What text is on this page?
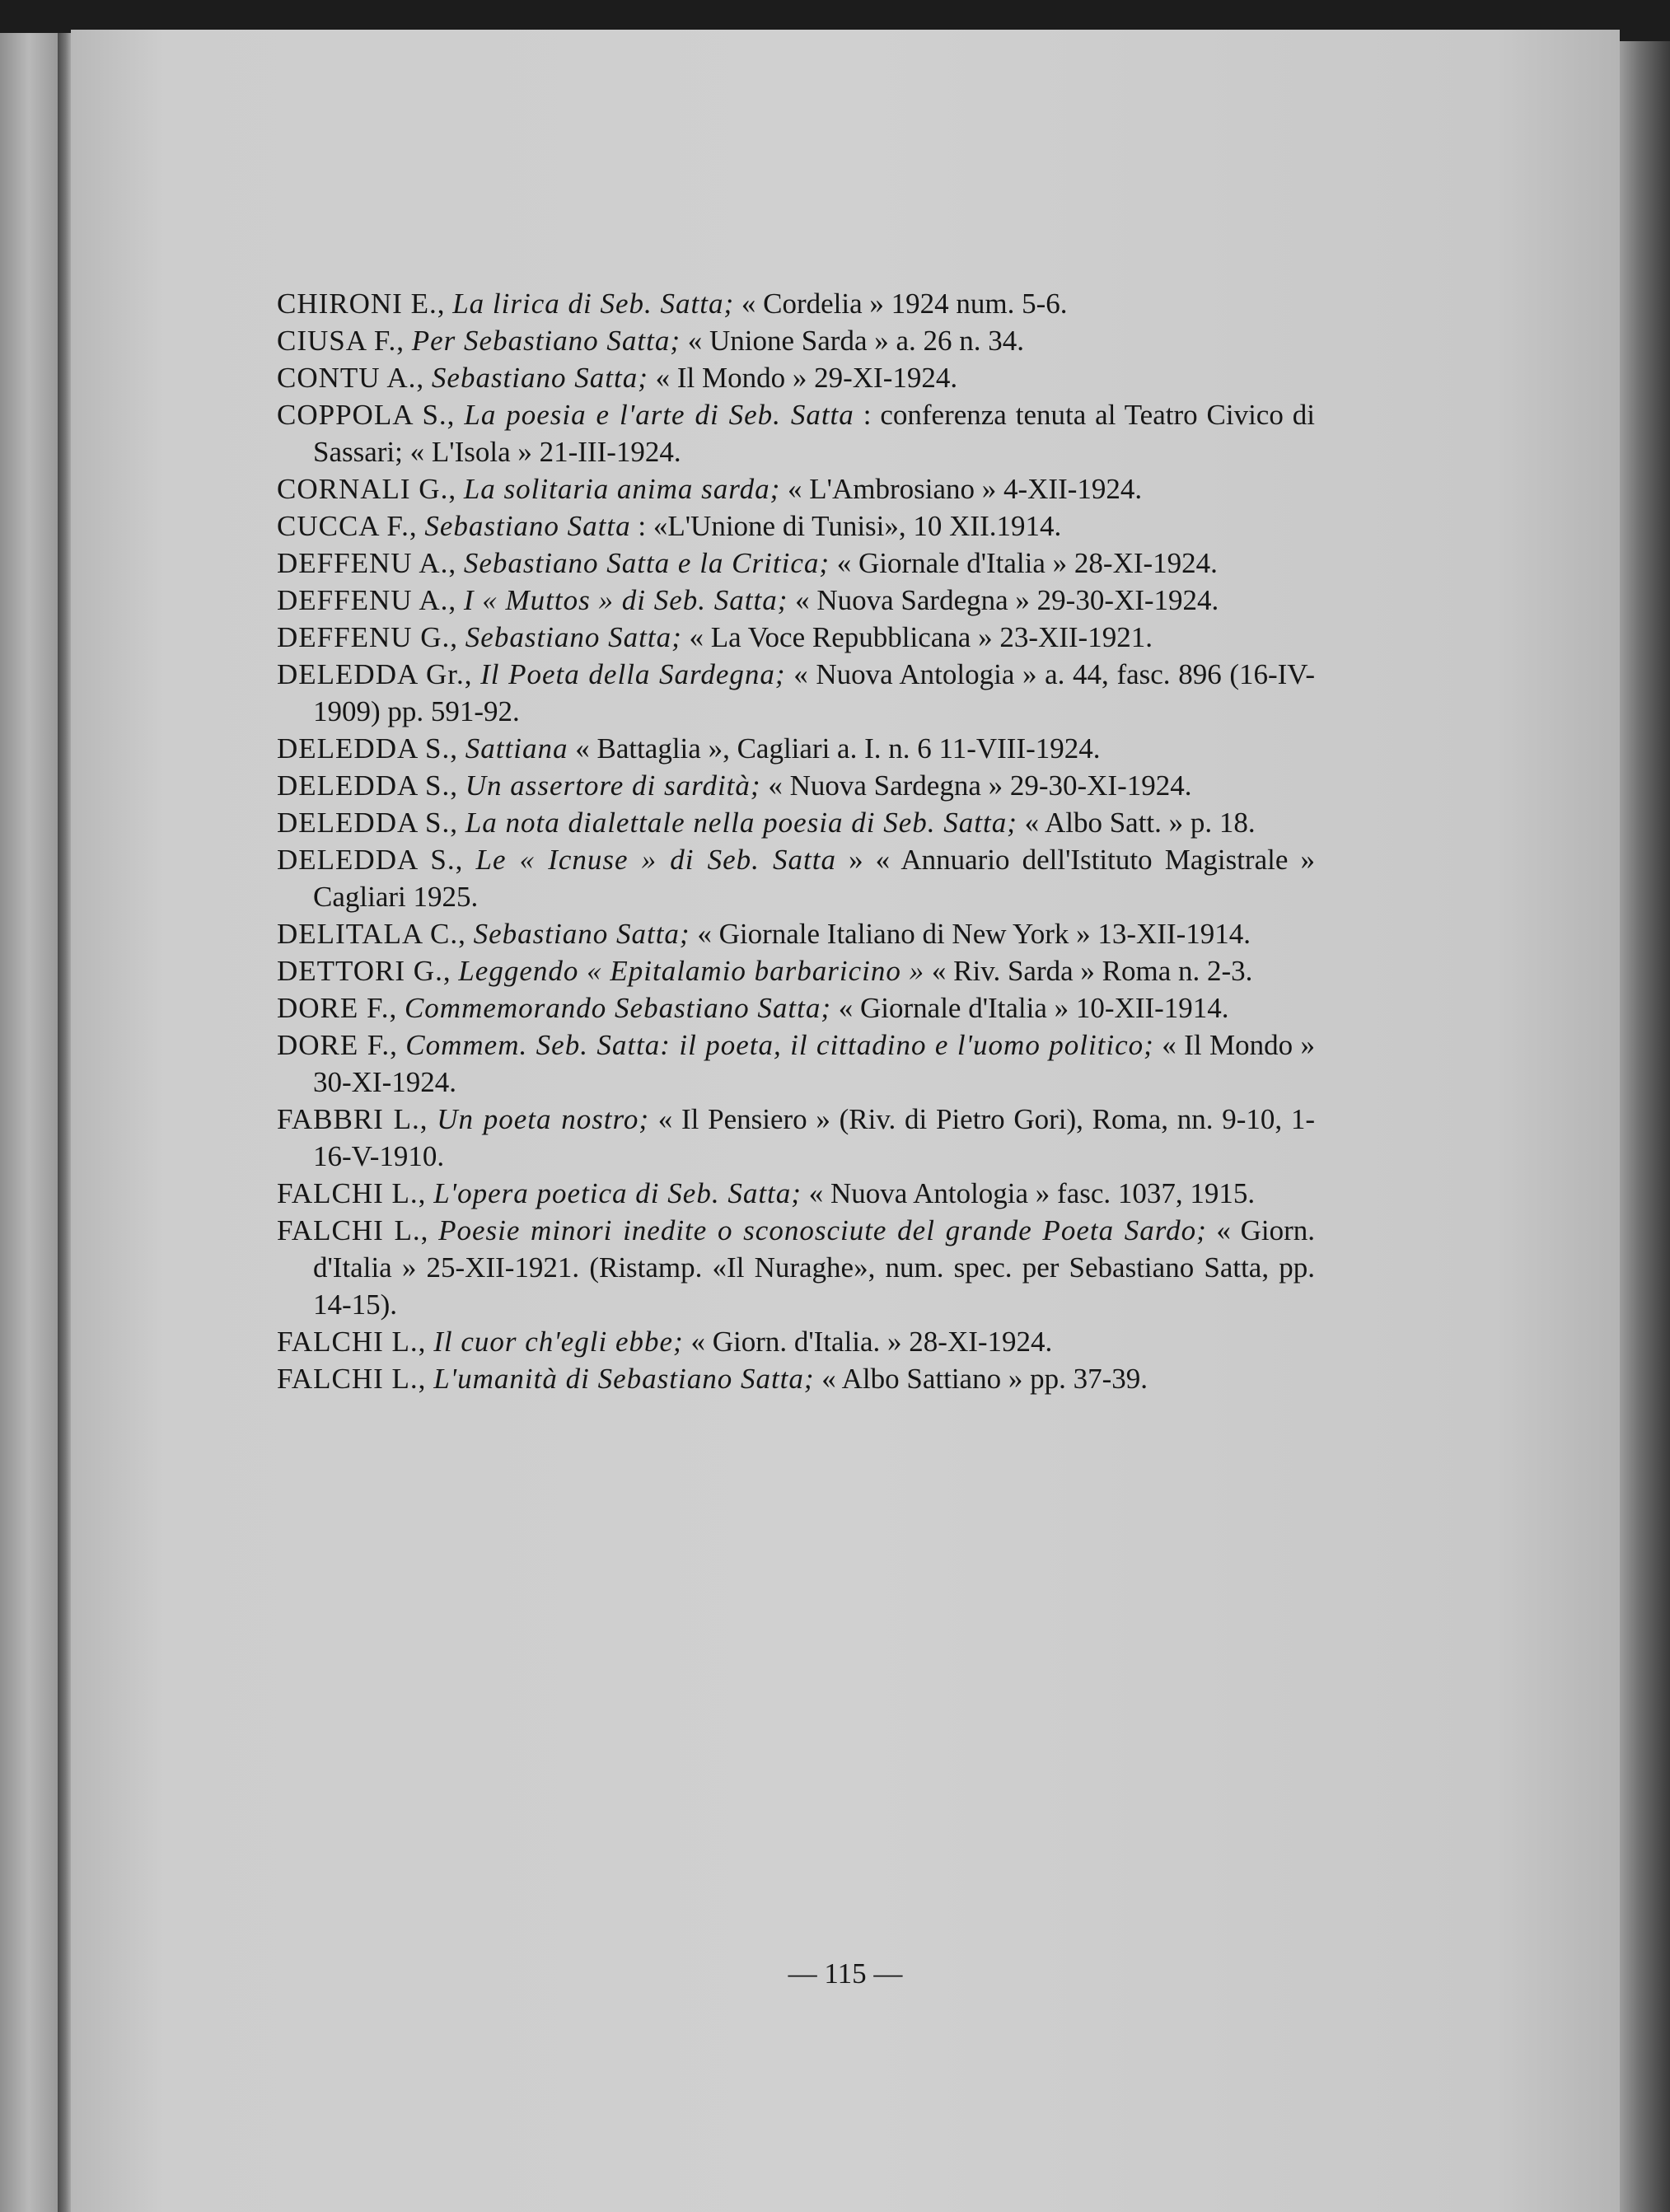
CHIRONI E., La lirica di Seb. Satta; « Cordelia » 1924 num. 5-6.
CIUSA F., Per Sebastiano Satta; « Unione Sarda » a. 26 n. 34.
CONTU A., Sebastiano Satta; « Il Mondo » 29-XI-1924.
COPPOLA S., La poesia e l'arte di Seb. Satta : conferenza tenuta al Teatro Civico di Sassari; « L'Isola » 21-III-1924.
CORNALI G., La solitaria anima sarda; « L'Ambrosiano » 4-XII-1924.
CUCCA F., Sebastiano Satta : «L'Unione di Tunisi», 10 XII.1914.
DEFFENU A., Sebastiano Satta e la Critica; « Giornale d'Italia » 28-XI-1924.
DEFFENU A., I « Muttos » di Seb. Satta; « Nuova Sardegna » 29-30-XI-1924.
DEFFENU G., Sebastiano Satta; « La Voce Repubblicana » 23-XII-1921.
DELEDDA Gr., Il Poeta della Sardegna; « Nuova Antologia » a. 44, fasc. 896 (16-IV-1909) pp. 591-92.
DELEDDA S., Sattiana « Battaglia », Cagliari a. I. n. 6 11-VIII-1924.
DELEDDA S., Un assertore di sardità; « Nuova Sardegna » 29-30-XI-1924.
DELEDDA S., La nota dialettale nella poesia di Seb. Satta; « Albo Satt. » p. 18.
DELEDDA S., Le « Icnuse » di Seb. Satta » « Annuario dell'Istituto Magistrale » Cagliari 1925.
DELITALA C., Sebastiano Satta; « Giornale Italiano di New York » 13-XII-1914.
DETTORI G., Leggendo « Epitalamio barbaricino » « Riv. Sarda » Roma n. 2-3.
DORE F., Commemorando Sebastiano Satta; « Giornale d'Italia » 10-XII-1914.
DORE F., Commem. Seb. Satta: il poeta, il cittadino e l'uomo politico; « Il Mondo » 30-XI-1924.
FABBRI L., Un poeta nostro; « Il Pensiero » (Riv. di Pietro Gori), Roma, nn. 9-10, 1-16-V-1910.
FALCHI L., L'opera poetica di Seb. Satta; « Nuova Antologia » fasc. 1037, 1915.
FALCHI L., Poesie minori inedite o sconosciute del grande Poeta Sardo; « Giorn. d'Italia » 25-XII-1921. (Ristamp. «Il Nuraghe», num. spec. per Sebastiano Satta, pp. 14-15).
FALCHI L., Il cuor ch'egli ebbe; « Giorn. d'Italia. » 28-XI-1924.
FALCHI L., L'umanità di Sebastiano Satta; « Albo Sattiano » pp. 37-39.
— 115 —
